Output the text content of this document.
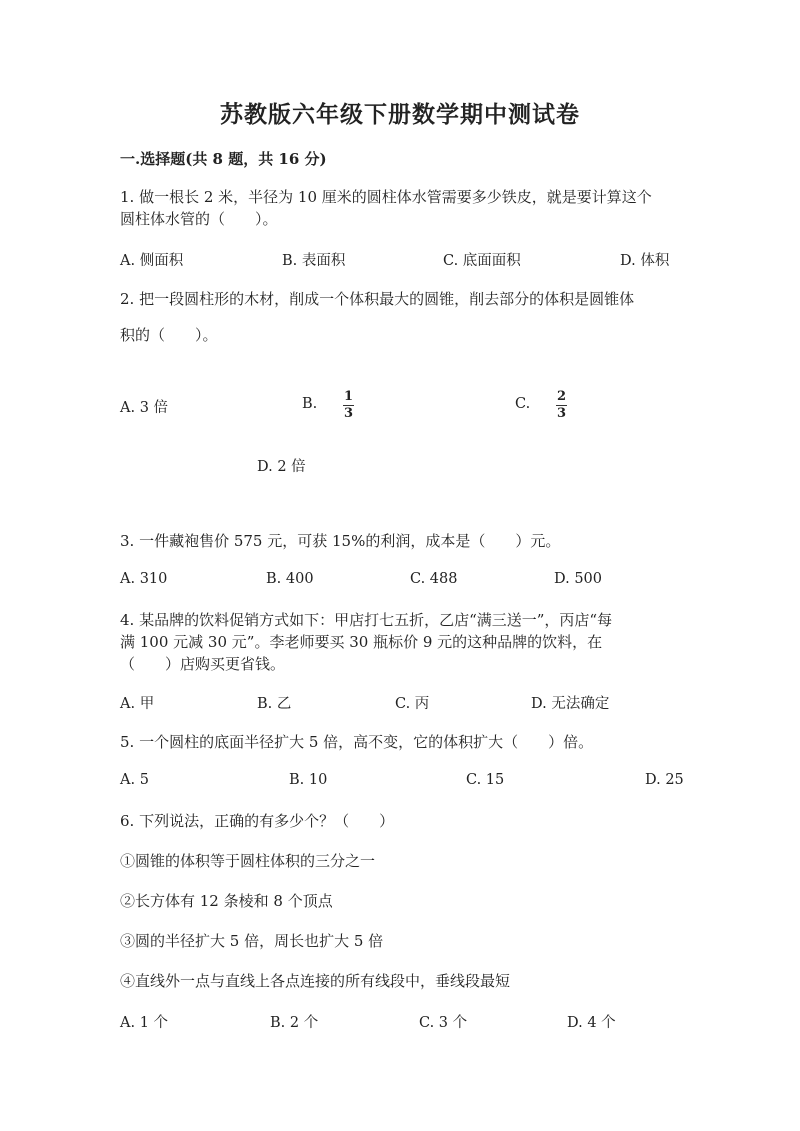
苏教版六年级下册数学期中测试卷
一.选择题(共 8 题，共 16 分)
1. 做一根长 2 米，半径为 10 厘米的圆柱体水管需要多少铁皮，就是要计算这个
圆柱体水管的（　　）。
A. 侧面积	B. 表面积	C. 底面面积	D. 体积
2. 把一段圆柱形的木材，削成一个体积最大的圆锥，削去部分的体积是圆锥体
积的（　　）。
A. 3 倍	B. 1
3
C. 2
3
D. 2 倍
3. 一件藏袍售价 575 元，可获 15%的利润，成本是（　　）元。
A. 310	B. 400	C. 488	D. 500
4. 某品牌的饮料促销方式如下：甲店打七五折，乙店“满三送一”，丙店“每
满 100 元减 30 元”。李老师要买 30 瓶标价 9 元的这种品牌的饮料，在
（　　）店购买更省钱。
A. 甲	B. 乙	C. 丙	D. 无法确定
5. 一个圆柱的底面半径扩大 5 倍，高不变，它的体积扩大（　　）倍。
A. 5	B. 10	C. 15	D. 25
6. 下列说法，正确的有多少个？（　　）
①圆锥的体积等于圆柱体积的三分之一
②长方体有 12 条棱和 8 个顶点
③圆的半径扩大 5 倍，周长也扩大 5 倍
④直线外一点与直线上各点连接的所有线段中，垂线段最短
A. 1 个	B. 2 个	C. 3 个	D. 4 个
